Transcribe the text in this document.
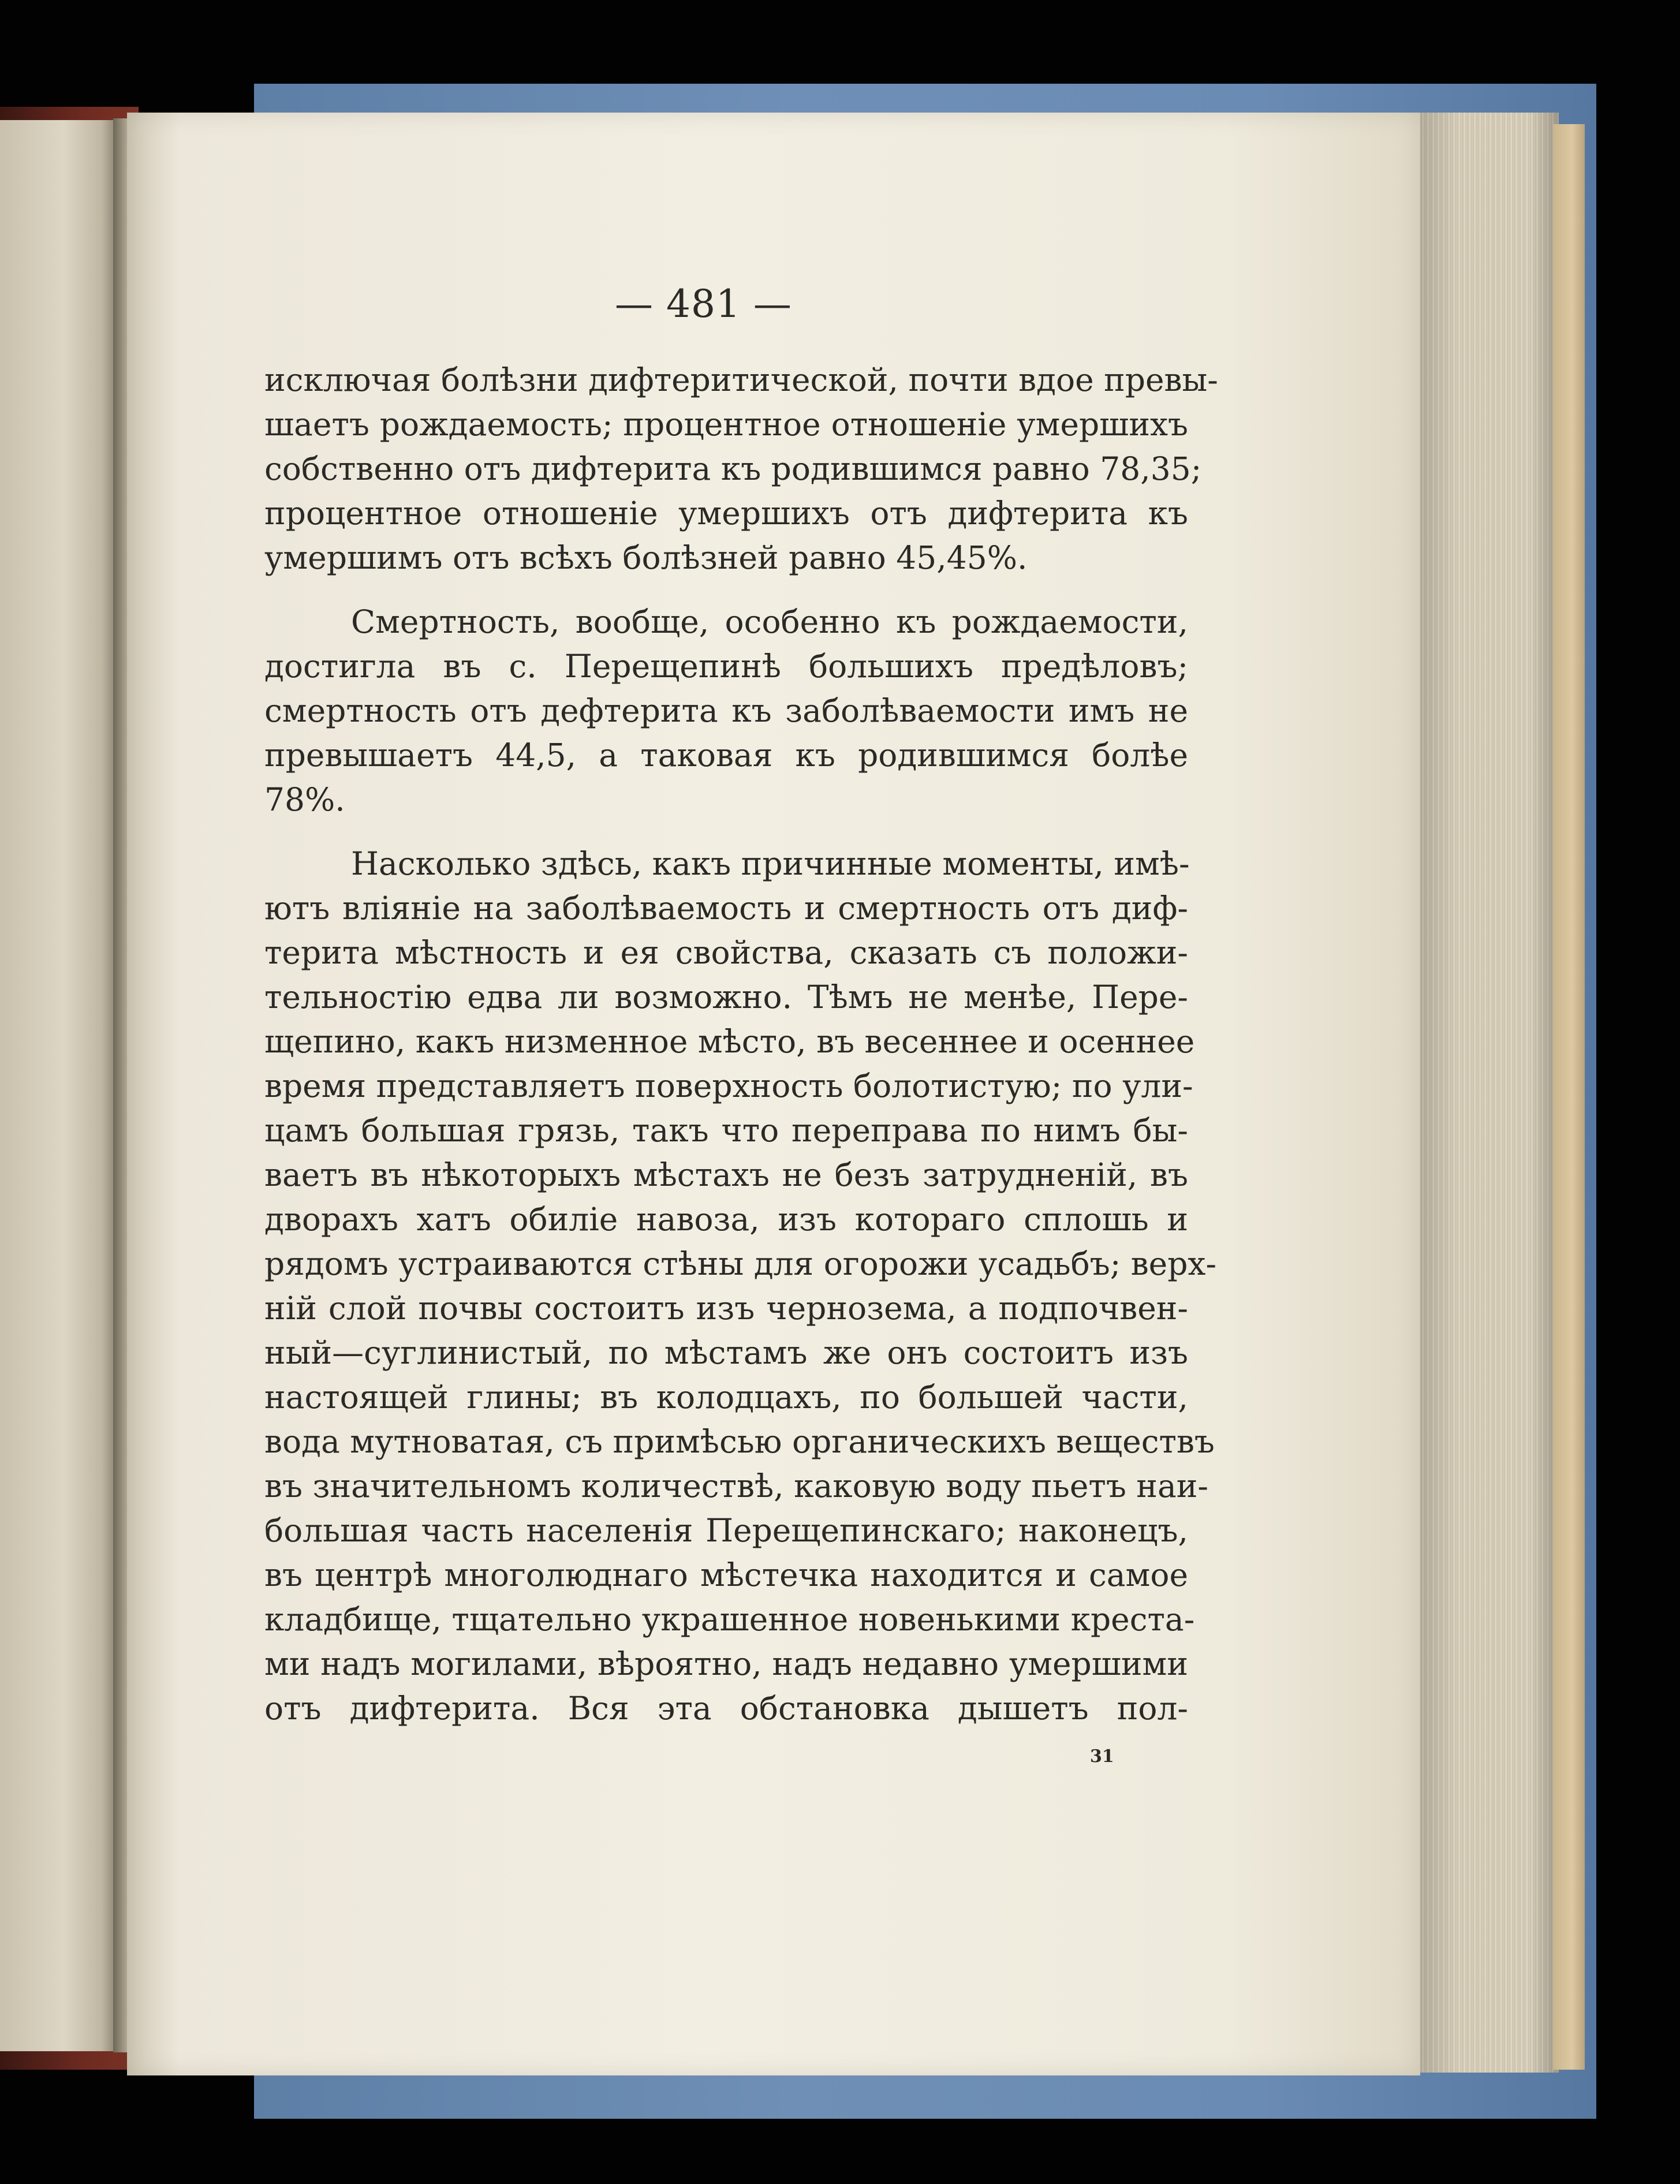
— 481 —

исключая болѣзни дифтеритической, почти вдое превы-
шаетъ рождаемость; процентное отношеніе умершихъ
собственно отъ дифтерита къ родившимся равно 78,35;
процентное отношеніе умершихъ отъ дифтерита къ
умершимъ отъ всѣхъ болѣзней равно 45,45%.

Смертность, вообще, особенно къ рождаемости,
достигла въ с. Перещепинѣ большихъ предѣловъ;
смертность отъ дефтерита къ заболѣваемости имъ не
превышаетъ 44,5, а таковая къ родившимся болѣе
78%.

Насколько здѣсь, какъ причинные моменты, имѣ-
ютъ вліяніе на заболѣваемость и смертность отъ диф-
терита мѣстность и ея свойства, сказать съ положи-
тельностію едва ли возможно. Тѣмъ не менѣе, Пере-
щепино, какъ низменное мѣсто, въ весеннее и осеннее
время представляетъ поверхность болотистую; по ули-
цамъ большая грязь, такъ что переправа по нимъ бы-
ваетъ въ нѣкоторыхъ мѣстахъ не безъ затрудненій, въ
дворахъ хатъ обиліе навоза, изъ котораго сплошь и
рядомъ устраиваются стѣны для огорожи усадьбъ; верх-
ній слой почвы состоитъ изъ чернозема, а подпочвен-
ный—суглинистый, по мѣстамъ же онъ состоитъ изъ
настоящей глины; въ колодцахъ, по большей части,
вода мутноватая, съ примѣсью органическихъ веществъ
въ значительномъ количествѣ, каковую воду пьетъ наи-
большая часть населенія Перещепинскаго; наконецъ,
въ центрѣ многолюднаго мѣстечка находится и самое
кладбище, тщательно украшенное новенькими креста-
ми надъ могилами, вѣроятно, надъ недавно умершими
отъ дифтерита. Вся эта обстановка дышетъ пол-

31
